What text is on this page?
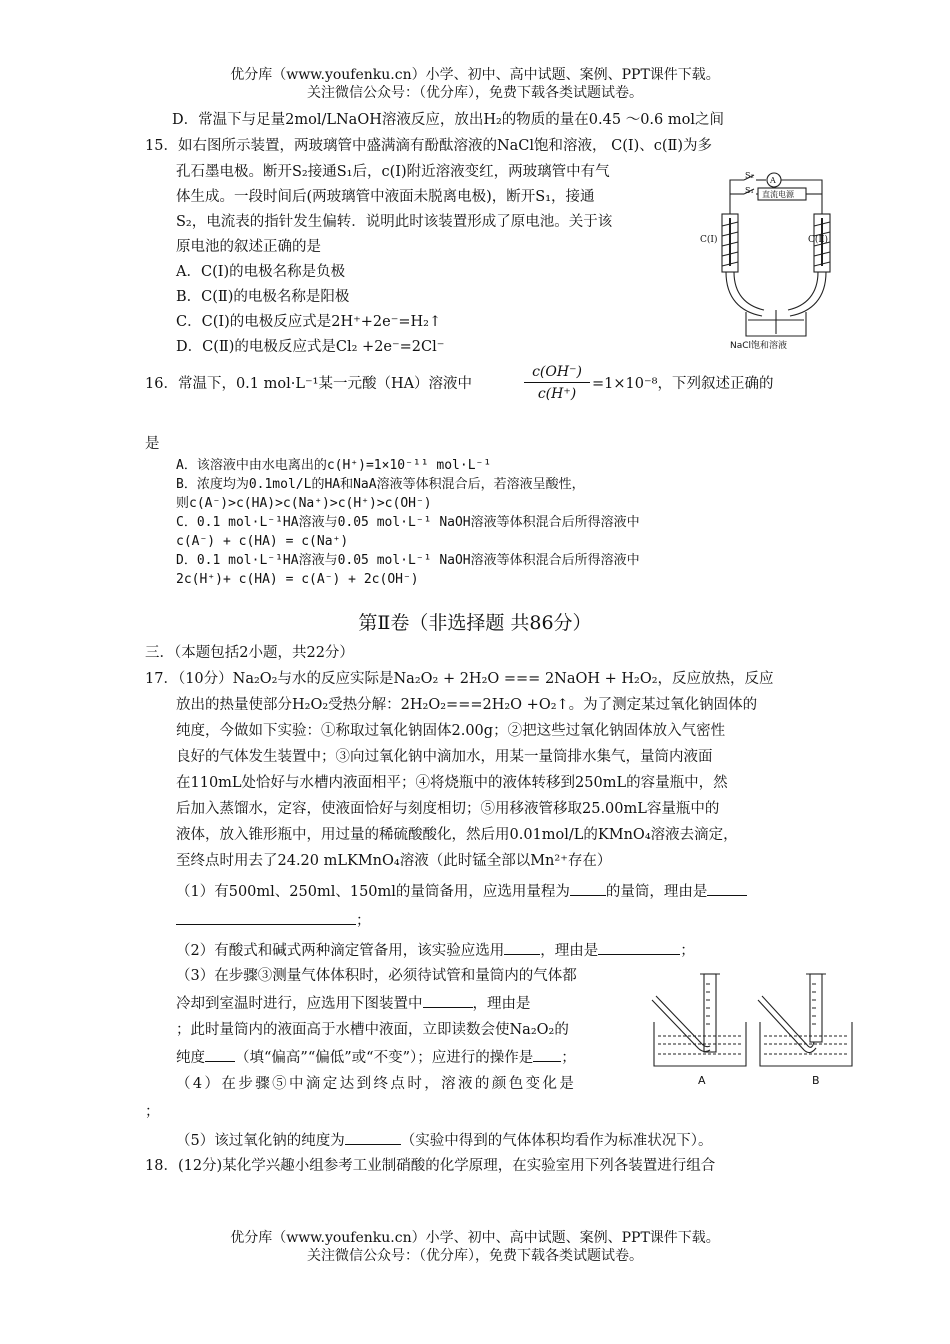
优分库（www.youfenku.cn）小学、初中、高中试题、案例、PPT课件下载。
关注微信公众号：（优分库），免费下载各类试题试卷。
D．常温下与足量2mol/LNaOH溶液反应，放出H₂的物质的量在0.45 ～0.6 mol之间
15．如右图所示装置，两玻璃管中盛满滴有酚酞溶液的NaCl饱和溶液， C(Ⅰ)、c(Ⅱ)为多
孔石墨电极。断开S₂接通S₁后，c(Ⅰ)附近溶液变红，两玻璃管中有气
体生成。一段时间后(两玻璃管中液面未脱离电极)，断开S₁，接通
S₂，电流表的指针发生偏转．说明此时该装置形成了原电池。关于该
原电池的叙述正确的是
A．C(Ⅰ)的电极名称是负极
B．C(Ⅱ)的电极名称是阳极
C．C(Ⅰ)的电极反应式是2H⁺+2e⁻=H₂↑
D．C(Ⅱ)的电极反应式是Cl₂ +2e⁻=2Cl⁻
S₂
S₁
A
直流电源
C(Ⅰ)	C(Ⅱ)
NaCl饱和溶液
16．常温下，0.1 mol·L⁻¹某一元酸（HA）溶液中	$\frac{c(OH^-)}{c(H^+)} =1\times 10^{-8}$，下列叙述正确的
是
A．该溶液中由水电离出的c(H⁺)=1×10⁻¹¹ mol·L⁻¹
B．浓度均为0.1mol/L的HA和NaA溶液等体积混合后，若溶液呈酸性，
则c(A⁻)>c(HA)>c(Na⁺)>c(H⁺)>c(OH⁻)
C．0.1 mol·L⁻¹HA溶液与0.05 mol·L⁻¹ NaOH溶液等体积混合后所得溶液中
c(A⁻) + c(HA) = c(Na⁺)
D．0.1 mol·L⁻¹HA溶液与0.05 mol·L⁻¹ NaOH溶液等体积混合后所得溶液中
2c(H⁺)+ c(HA) = c(A⁻) + 2c(OH⁻)
第Ⅱ卷（非选择题 共86分）
三．（本题包括2小题，共22分）
17．（10分）Na₂O₂与水的反应实际是Na₂O₂ + 2H₂O === 2NaOH + H₂O₂，反应放热，反应
放出的热量使部分H₂O₂受热分解：2H₂O₂===2H₂O +O₂↑。为了测定某过氧化钠固体的
纯度，今做如下实验：①称取过氧化钠固体2.00g；②把这些过氧化钠固体放入气密性
良好的气体发生装置中；③向过氧化钠中滴加水，用某一量筒排水集气，量筒内液面
在110mL处恰好与水槽内液面相平；④将烧瓶中的液体转移到250mL的容量瓶中，然
后加入蒸馏水，定容，使液面恰好与刻度相切；⑤用移液管移取25.00mL容量瓶中的
液体，放入锥形瓶中，用过量的稀硫酸酸化，然后用0.01mol/L的KMnO₄溶液去滴定，
至终点时用去了24.20 mLKMnO₄溶液（此时锰全部以Mn²⁺存在）
（1）有500ml、250ml、150ml的量筒备用，应选用量程为 的量筒，理由是
；
（2）有酸式和碱式两种滴定管备用，该实验应选用 ，理由是	；
（3）在步骤③测量气体体积时，必须待试管和量筒内的气体都
冷却到室温时进行，应选用下图装置中	，理由是
；此时量筒内的液面高于水槽中液面，立即读数会使Na₂O₂的
纯度 （填“偏高”“偏低”或“不变”）；应进行的操作是 ；
（4）在步骤⑤中滴定达到终点时，溶液的颜色变化是
；
（5）该过氧化钠的纯度为	（实验中得到的气体体积均看作为标准状况下）。
A	B
18．(12分)某化学兴趣小组参考工业制硝酸的化学原理，在实验室用下列各装置进行组合
优分库（www.youfenku.cn）小学、初中、高中试题、案例、PPT课件下载。
关注微信公众号：（优分库），免费下载各类试题试卷。
